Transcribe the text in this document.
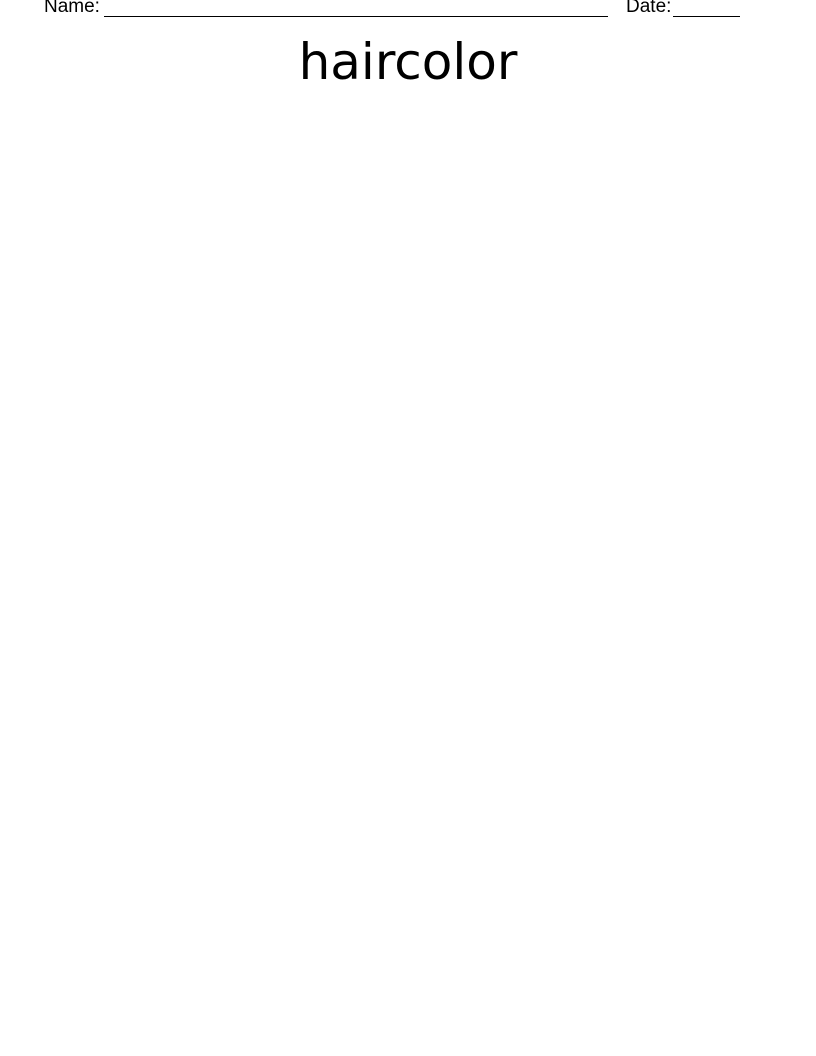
Name:	Date:
haircolor
